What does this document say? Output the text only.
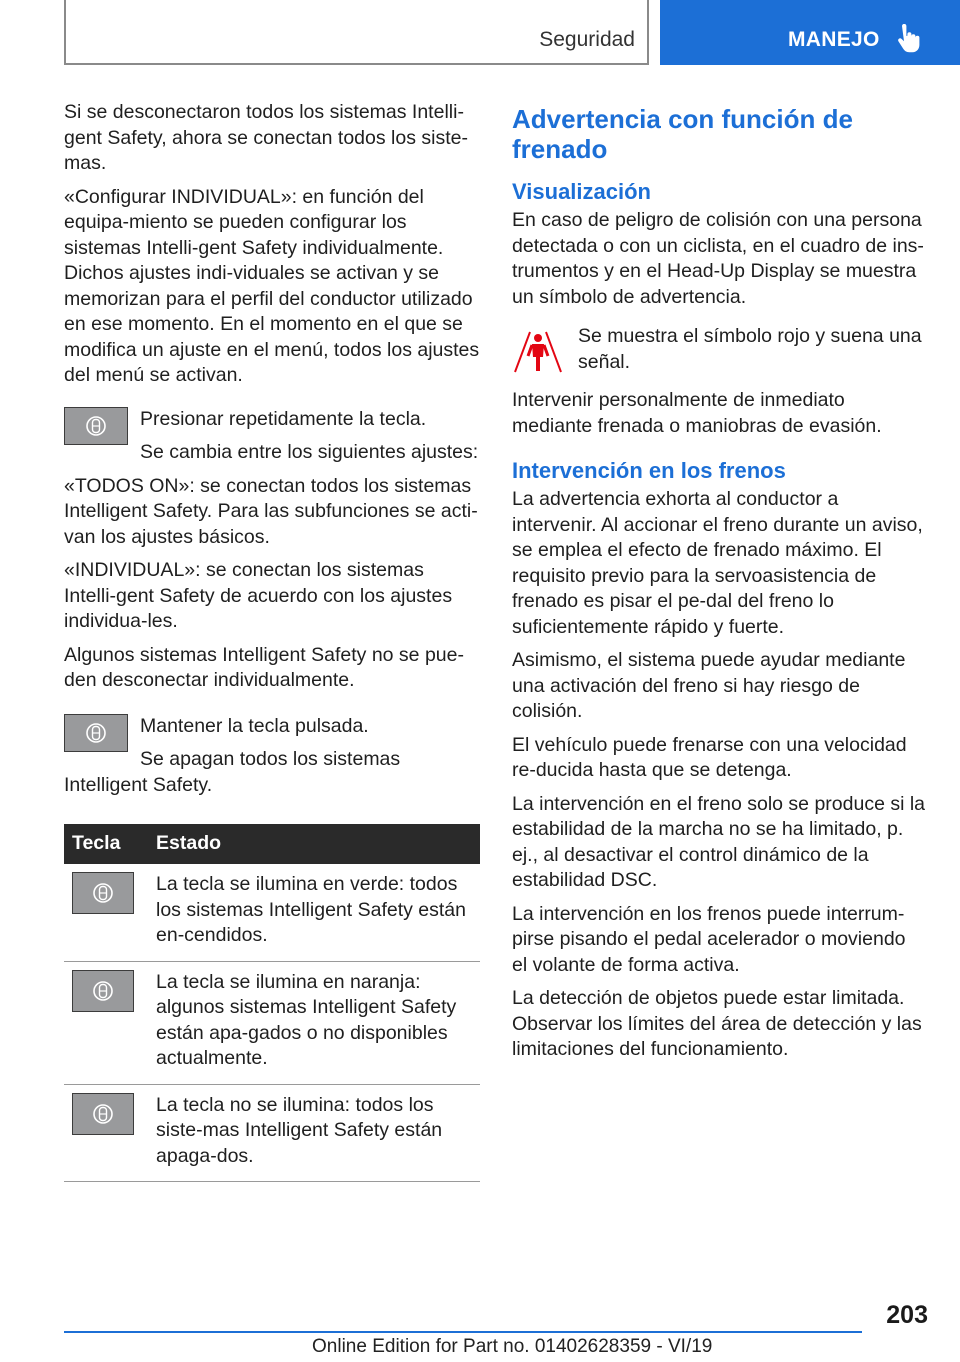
Seguridad	MANEJO

Si se desconectaron todos los sistemas Intelli-gent Safety, ahora se conectan todos los siste-mas.

«Configurar INDIVIDUAL»: en función del equipa-miento se pueden configurar los sistemas Intelli-gent Safety individualmente. Dichos ajustes indi-viduales se activan y se memorizan para el perfil del conductor utilizado en ese momento. En el momento en el que se modifica un ajuste en el menú, todos los ajustes del menú se activan.

Presionar repetidamente la tecla.

Se cambia entre los siguientes ajustes:

«TODOS ON»: se conectan todos los sistemas Intelligent Safety. Para las subfunciones se acti-van los ajustes básicos.

«INDIVIDUAL»: se conectan los sistemas Intelli-gent Safety de acuerdo con los ajustes individua-les.

Algunos sistemas Intelligent Safety no se pue-den desconectar individualmente.

Mantener la tecla pulsada.

Se apagan todos los sistemas Intelligent Safety.

Tecla	Estado

	La tecla se ilumina en verde: todos los sistemas Intelligent Safety están en-cendidos.

	La tecla se ilumina en naranja: algunos sistemas Intelligent Safety están apa-gados o no disponibles actualmente.

	La tecla no se ilumina: todos los siste-mas Intelligent Safety están apaga-dos.
Advertencia con función de frenado
Visualización

En caso de peligro de colisión con una persona detectada o con un ciclista, en el cuadro de ins-trumentos y en el Head-Up Display se muestra un símbolo de advertencia.

Se muestra el símbolo rojo y suena una señal.

Intervenir personalmente de inmediato mediante frenada o maniobras de evasión.

Intervención en los frenos

La advertencia exhorta al conductor a intervenir. Al accionar el freno durante un aviso, se emplea el efecto de frenado máximo. El requisito previo para la servoasistencia de frenado es pisar el pe-dal del freno lo suficientemente rápido y fuerte.

Asimismo, el sistema puede ayudar mediante una activación del freno si hay riesgo de colisión.

El vehículo puede frenarse con una velocidad re-ducida hasta que se detenga.

La intervención en el freno solo se produce si la estabilidad de la marcha no se ha limitado, p. ej., al desactivar el control dinámico de la estabilidad DSC.

La intervención en los frenos puede interrum-pirse pisando el pedal acelerador o moviendo el volante de forma activa.

La detección de objetos puede estar limitada. Observar los límites del área de detección y las limitaciones del funcionamiento.

203
Online Edition for Part no. 01402628359 - VI/19
